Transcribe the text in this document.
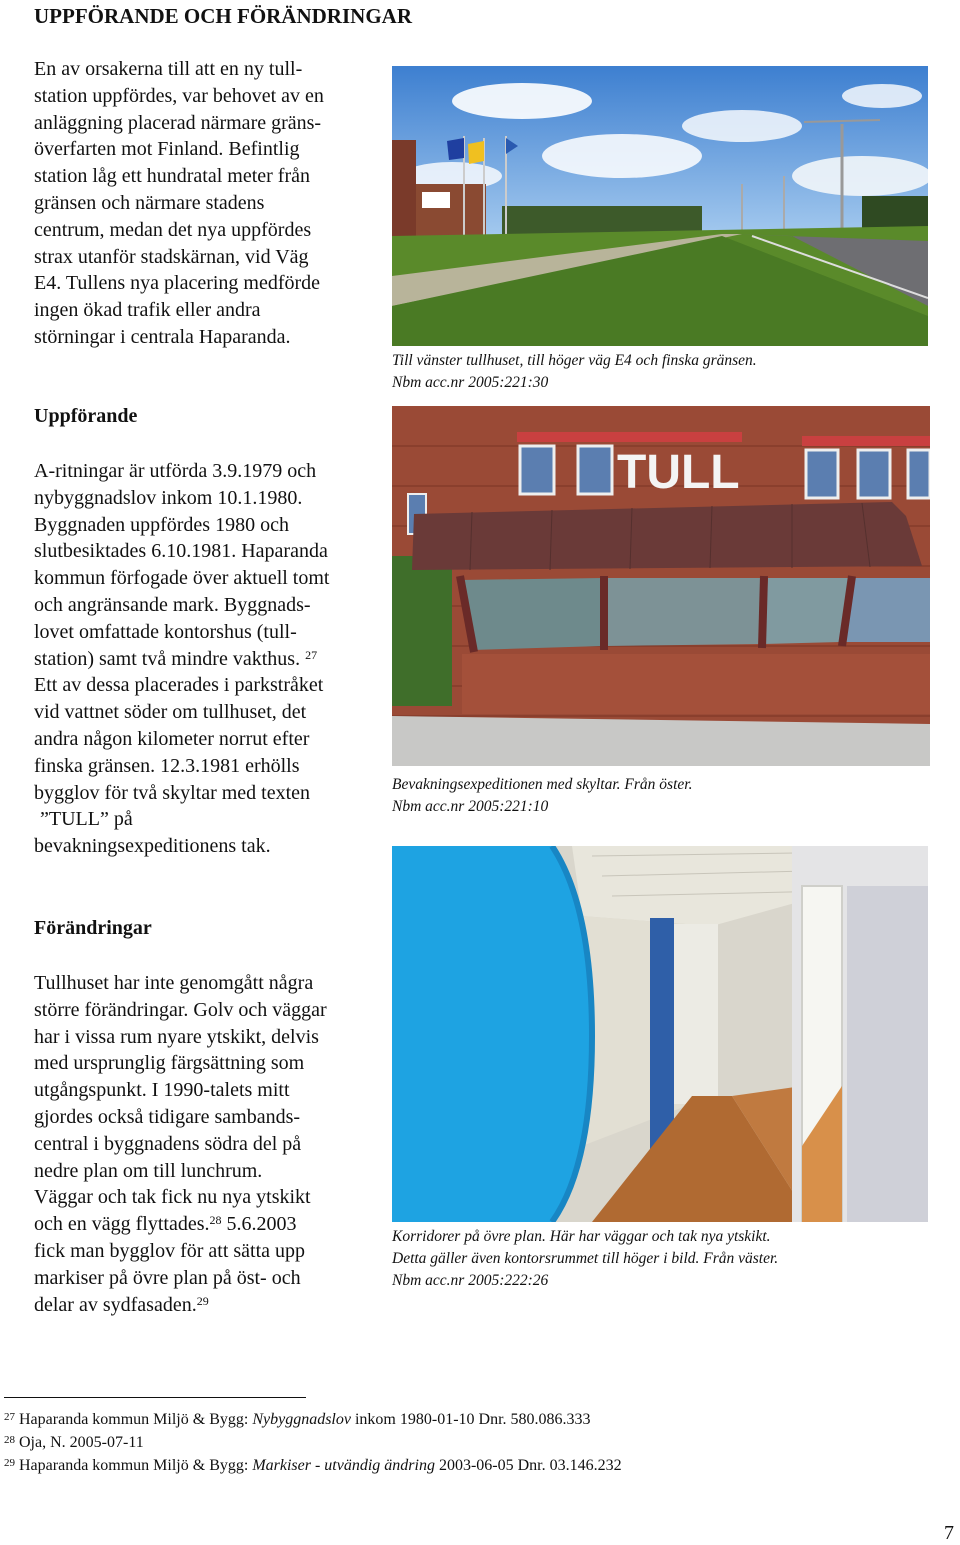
UPPFÖRANDE OCH FÖRÄNDRINGAR

En av orsakerna till att en ny tull-

station uppfördes, var behovet av en

anläggning placerad närmare gräns-

överfarten mot Finland. Befintlig

station låg ett hundratal meter från

gränsen och närmare stadens

centrum, medan det nya uppfördes

strax utanför stadskärnan, vid Väg

E4. Tullens nya placering medförde

ingen ökad trafik eller andra

störningar i centrala Haparanda.

Uppförande

A-ritningar är utförda 3.9.1979 och

nybyggnadslov inkom 10.1.1980.

Byggnaden uppfördes 1980 och

slutbesiktades 6.10.1981. Haparanda

kommun förfogade över aktuell tomt

och angränsande mark. Byggnads-

lovet omfattade kontorshus (tull-

station) samt två mindre vakthus. $^{27}$

Ett av dessa placerades i parkstråket

vid vattnet söder om tullhuset, det

andra någon kilometer norrut efter

finska gränsen. 12.3.1981 erhölls

bygglov för två skyltar med texten

”TULL” på

bevakningsexpeditionens tak.

Förändringar

Tullhuset har inte genomgått några

större förändringar. Golv och väggar

har i vissa rum nyare ytskikt, delvis

med ursprunglig färgsättning som

utgångspunkt. I 1990-talets mitt

gjordes också tidigare sambands-

central i byggnadens södra del på

nedre plan om till lunchrum.

Väggar och tak fick nu nya ytskikt

och en vägg flyttades.$^{28}$ 5.6.2003

fick man bygglov för att sätta upp

markiser på övre plan på öst- och

delar av sydfasaden.$^{29}$

Till vänster tullhuset, till höger väg E4 och finska gränsen.
Nbm acc.nr 2005:221:30
TULL
Bevakningsexpeditionen med skyltar. Från öster.
Nbm acc.nr 2005:221:10
Korridorer på övre plan. Här har väggar och tak nya ytskikt.
Detta gäller även kontorsrummet till höger i bild. Från väster.
Nbm acc.nr 2005:222:26
$^{27}$ Haparanda kommun Miljö & Bygg: Nybyggnadslov inkom 1980-01-10 Dnr. 580.086.333
$^{28}$ Oja, N. 2005-07-11
$^{29}$ Haparanda kommun Miljö & Bygg: Markiser - utvändig ändring 2003-06-05 Dnr. 03.146.232
7
